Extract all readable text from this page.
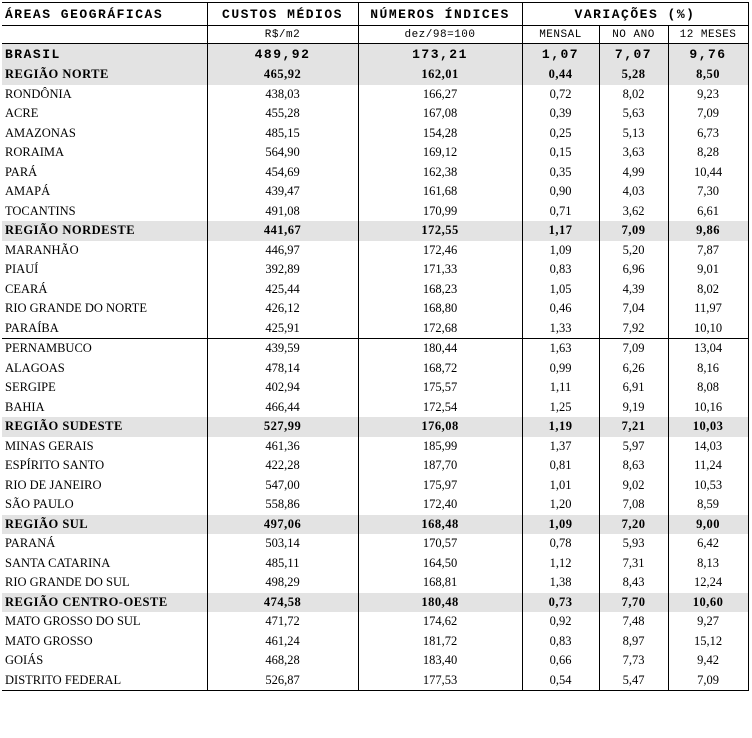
ÁREAS GEOGRÁFICAS	CUSTOS MÉDIOS	NÚMEROS ÍNDICES	VARIAÇÕES (%)		
	R$/m2	dez/98=100	MENSAL	NO ANO	12 MESES
BRASIL	489,92	173,21	1,07	7,07	9,76
REGIÃO NORTE	465,92	162,01	0,44	5,28	8,50
RONDÔNIA	438,03	166,27	0,72	8,02	9,23
ACRE	455,28	167,08	0,39	5,63	7,09
AMAZONAS	485,15	154,28	0,25	5,13	6,73
RORAIMA	564,90	169,12	0,15	3,63	8,28
PARÁ	454,69	162,38	0,35	4,99	10,44
AMAPÁ	439,47	161,68	0,90	4,03	7,30
TOCANTINS	491,08	170,99	0,71	3,62	6,61
REGIÃO NORDESTE	441,67	172,55	1,17	7,09	9,86
MARANHÃO	446,97	172,46	1,09	5,20	7,87
PIAUÍ	392,89	171,33	0,83	6,96	9,01
CEARÁ	425,44	168,23	1,05	4,39	8,02
RIO GRANDE DO NORTE	426,12	168,80	0,46	7,04	11,97
PARAÍBA	425,91	172,68	1,33	7,92	10,10
PERNAMBUCO	439,59	180,44	1,63	7,09	13,04
ALAGOAS	478,14	168,72	0,99	6,26	8,16
SERGIPE	402,94	175,57	1,11	6,91	8,08
BAHIA	466,44	172,54	1,25	9,19	10,16
REGIÃO SUDESTE	527,99	176,08	1,19	7,21	10,03
MINAS GERAIS	461,36	185,99	1,37	5,97	14,03
ESPÍRITO SANTO	422,28	187,70	0,81	8,63	11,24
RIO DE JANEIRO	547,00	175,97	1,01	9,02	10,53
SÃO PAULO	558,86	172,40	1,20	7,08	8,59
REGIÃO SUL	497,06	168,48	1,09	7,20	9,00
PARANÁ	503,14	170,57	0,78	5,93	6,42
SANTA CATARINA	485,11	164,50	1,12	7,31	8,13
RIO GRANDE DO SUL	498,29	168,81	1,38	8,43	12,24
REGIÃO CENTRO-OESTE	474,58	180,48	0,73	7,70	10,60
MATO GROSSO DO SUL	471,72	174,62	0,92	7,48	9,27
MATO GROSSO	461,24	181,72	0,83	8,97	15,12
GOIÁS	468,28	183,40	0,66	7,73	9,42
DISTRITO FEDERAL	526,87	177,53	0,54	5,47	7,09
